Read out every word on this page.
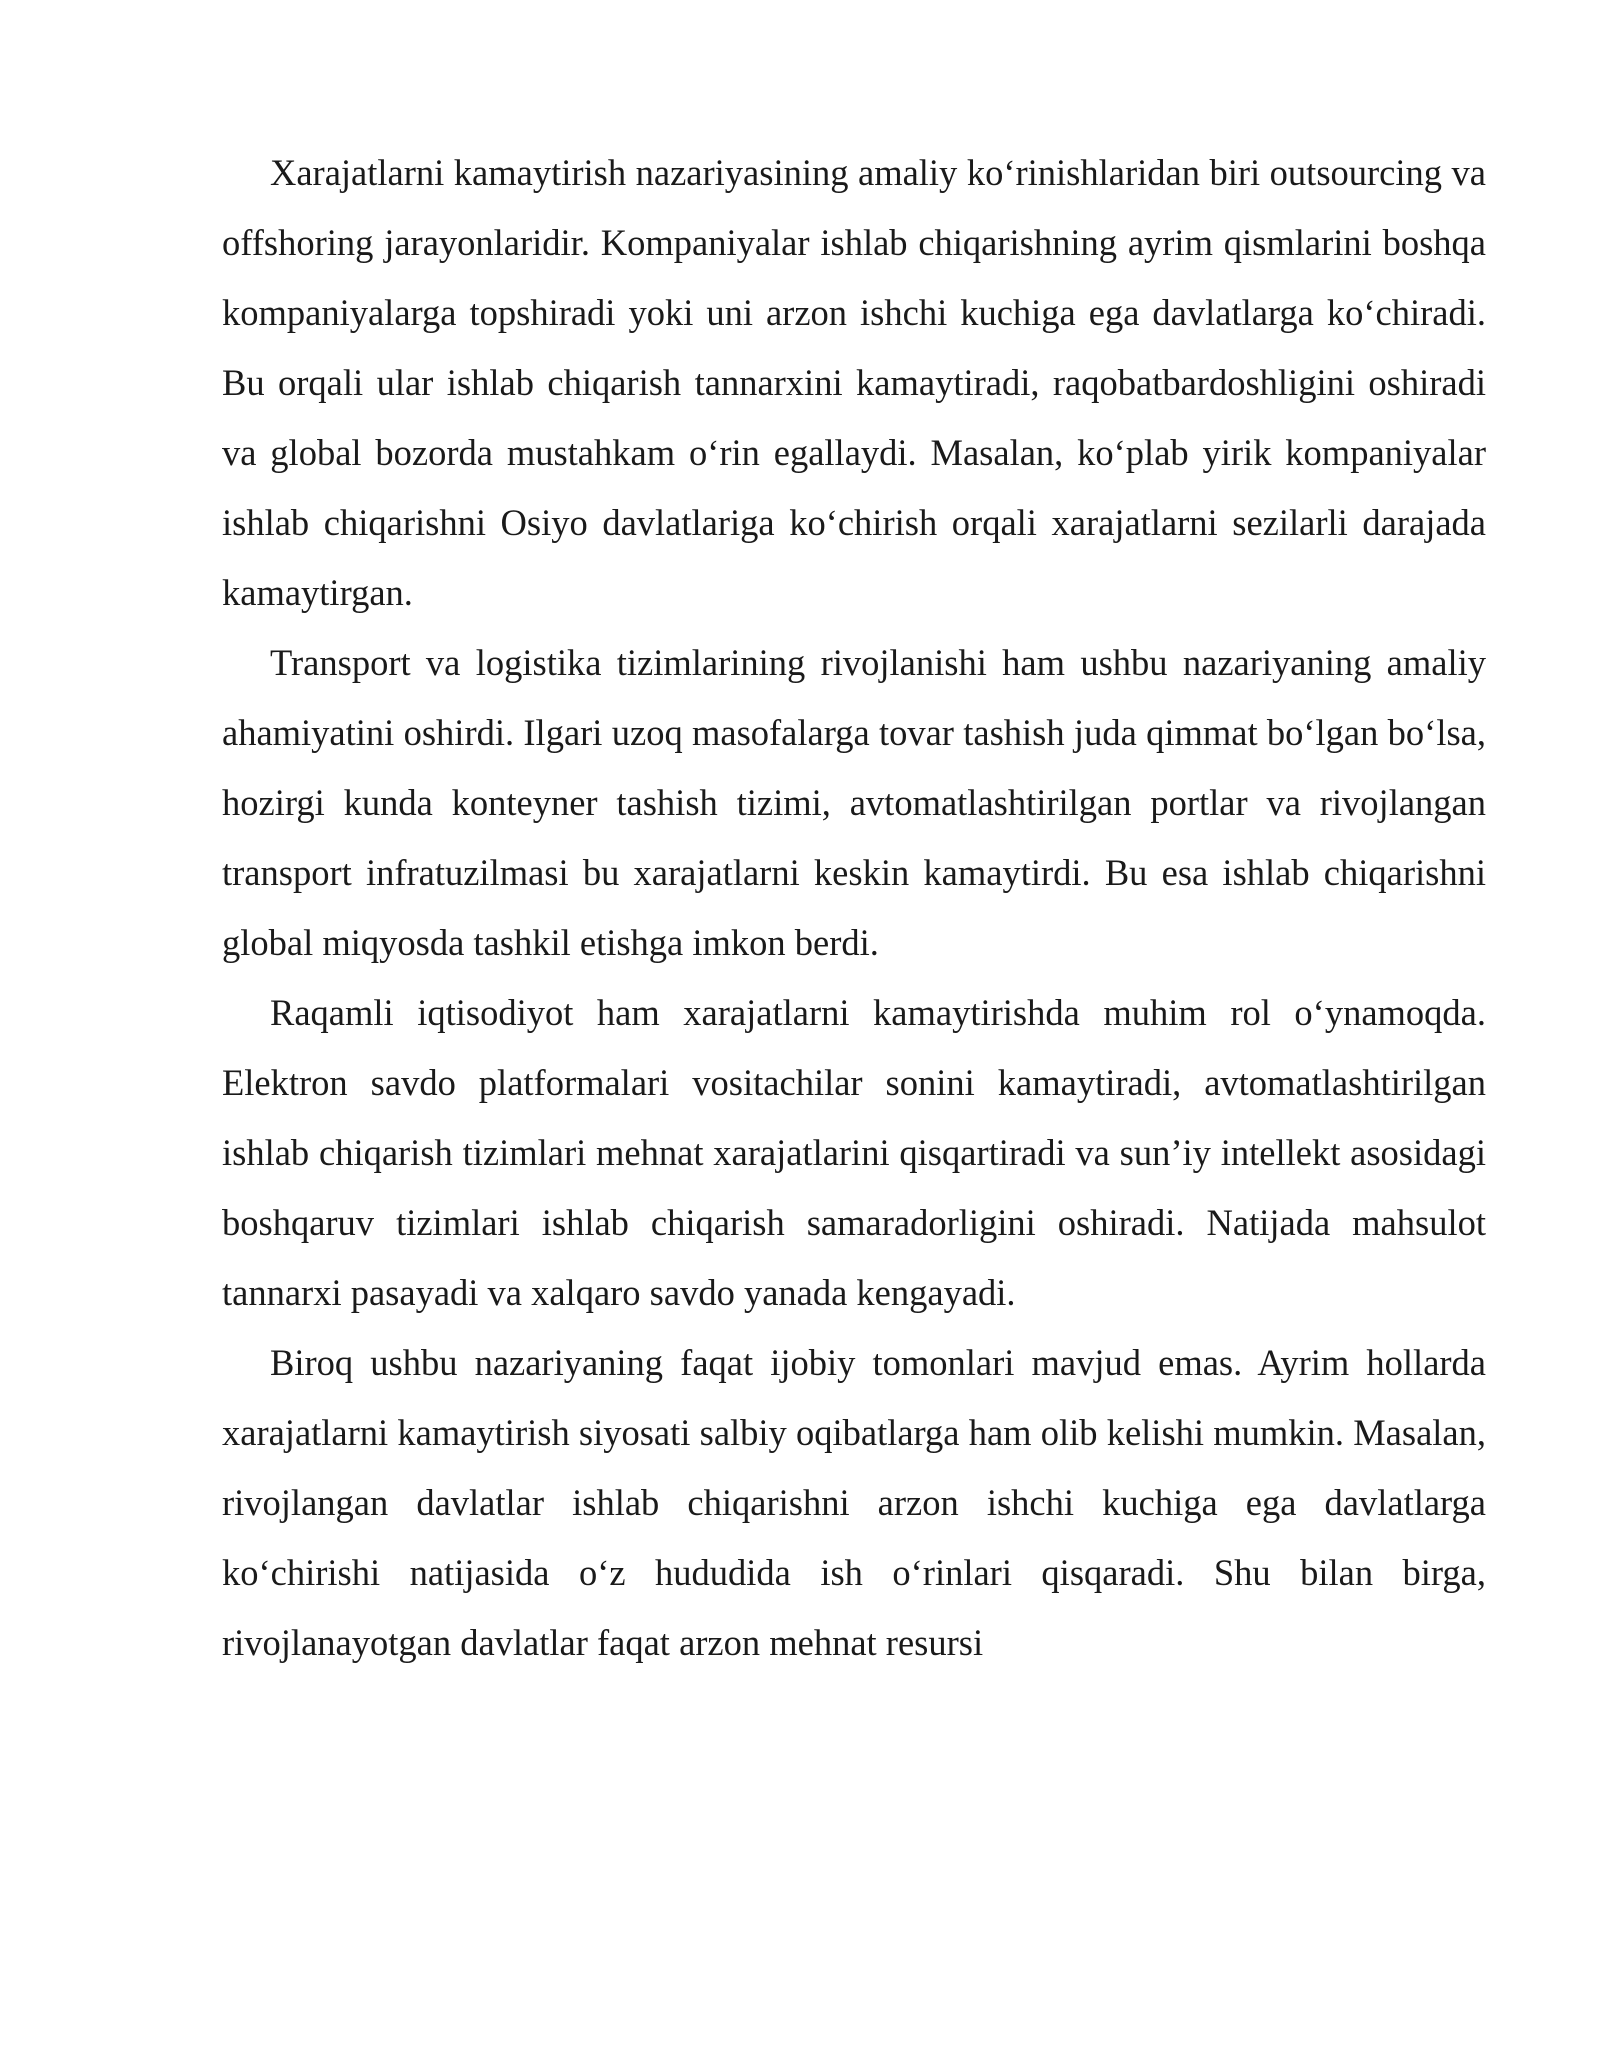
Xarajatlarni kamaytirish nazariyasining amaliy ko‘rinishlaridan biri outsourcing va offshoring jarayonlaridir. Kompaniyalar ishlab chiqarishning ayrim qismlarini boshqa kompaniyalarga topshiradi yoki uni arzon ishchi kuchiga ega davlatlarga ko‘chiradi. Bu orqali ular ishlab chiqarish tannarxini kamaytiradi, raqobatbardoshligini oshiradi va global bozorda mustahkam o‘rin egallaydi. Masalan, ko‘plab yirik kompaniyalar ishlab chiqarishni Osiyo davlatlariga ko‘chirish orqali xarajatlarni sezilarli darajada kamaytirgan.

Transport va logistika tizimlarining rivojlanishi ham ushbu nazariyaning amaliy ahamiyatini oshirdi. Ilgari uzoq masofalarga tovar tashish juda qimmat bo‘lgan bo‘lsa, hozirgi kunda konteyner tashish tizimi, avtomatlashtirilgan portlar va rivojlangan transport infratuzilmasi bu xarajatlarni keskin kamaytirdi. Bu esa ishlab chiqarishni global miqyosda tashkil etishga imkon berdi.

Raqamli iqtisodiyot ham xarajatlarni kamaytirishda muhim rol o‘ynamoqda. Elektron savdo platformalari vositachilar sonini kamaytiradi, avtomatlashtirilgan ishlab chiqarish tizimlari mehnat xarajatlarini qisqartiradi va sun’iy intellekt asosidagi boshqaruv tizimlari ishlab chiqarish samaradorligini oshiradi. Natijada mahsulot tannarxi pasayadi va xalqaro savdo yanada kengayadi.

Biroq ushbu nazariyaning faqat ijobiy tomonlari mavjud emas. Ayrim hollarda xarajatlarni kamaytirish siyosati salbiy oqibatlarga ham olib kelishi mumkin. Masalan, rivojlangan davlatlar ishlab chiqarishni arzon ishchi kuchiga ega davlatlarga ko‘chirishi natijasida o‘z hududida ish o‘rinlari qisqaradi. Shu bilan birga, rivojlanayotgan davlatlar faqat arzon mehnat resursi
